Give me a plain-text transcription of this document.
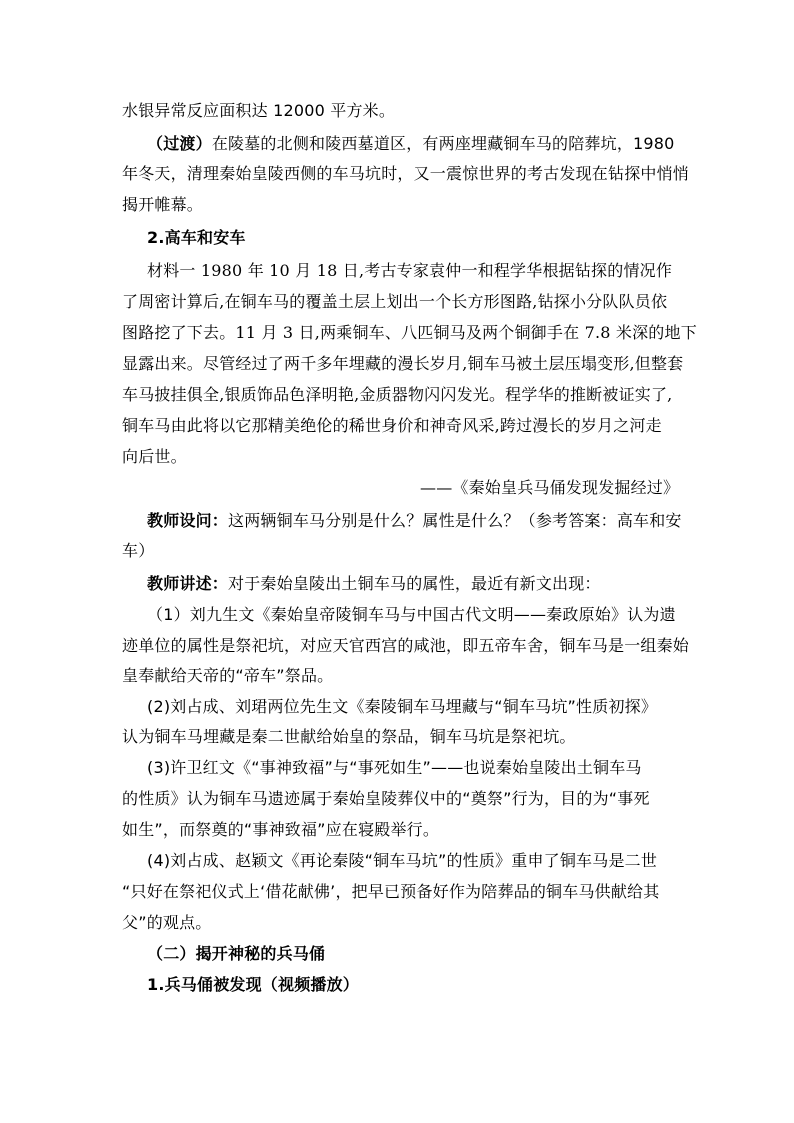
水银异常反应面积达 12000 平方米。
（过渡）在陵墓的北侧和陵西墓道区，有两座埋藏铜车马的陪葬坑，1980
年冬天，清理秦始皇陵西侧的车马坑时，又一震惊世界的考古发现在钻探中悄悄
揭开帷幕。
2.高车和安车
材料一 1980 年 10 月 18 日,考古专家袁仲一和程学华根据钻探的情况作
了周密计算后,在铜车马的覆盖土层上划出一个长方形图路,钻探小分队队员依
图路挖了下去。11 月 3 日,两乘铜车、八匹铜马及两个铜御手在 7.8 米深的地下
显露出来。尽管经过了两千多年埋藏的漫长岁月,铜车马被土层压塌变形,但整套
车马披挂俱全,银质饰品色泽明艳,金质器物闪闪发光。程学华的推断被证实了,
铜车马由此将以它那精美绝伦的稀世身价和神奇风采,跨过漫长的岁月之河走
向后世。
——《秦始皇兵马俑发现发掘经过》
教师设问：这两辆铜车马分别是什么？属性是什么？（参考答案：高车和安
车）
教师讲述：对于秦始皇陵出土铜车马的属性，最近有新文出现：
（1）刘九生文《秦始皇帝陵铜车马与中国古代文明——秦政原始》认为遗
迹单位的属性是祭祀坑，对应天官西宫的咸池，即五帝车舍，铜车马是一组秦始
皇奉献给天帝的“帝车”祭品。
(2)刘占成、刘珺两位先生文《秦陵铜车马埋藏与“铜车马坑”性质初探》
认为铜车马埋藏是秦二世献给始皇的祭品，铜车马坑是祭祀坑。
(3)许卫红文《“事神致福”与“事死如生”——也说秦始皇陵出土铜车马
的性质》认为铜车马遗迹属于秦始皇陵葬仪中的“奠祭”行为，目的为“事死
如生”，而祭奠的“事神致福”应在寝殿举行。
(4)刘占成、赵颖文《再论秦陵“铜车马坑”的性质》重申了铜车马是二世
“只好在祭祀仪式上‘借花献佛’，把早已预备好作为陪葬品的铜车马供献给其
父”的观点。
（二）揭开神秘的兵马俑
1.兵马俑被发现（视频播放）
